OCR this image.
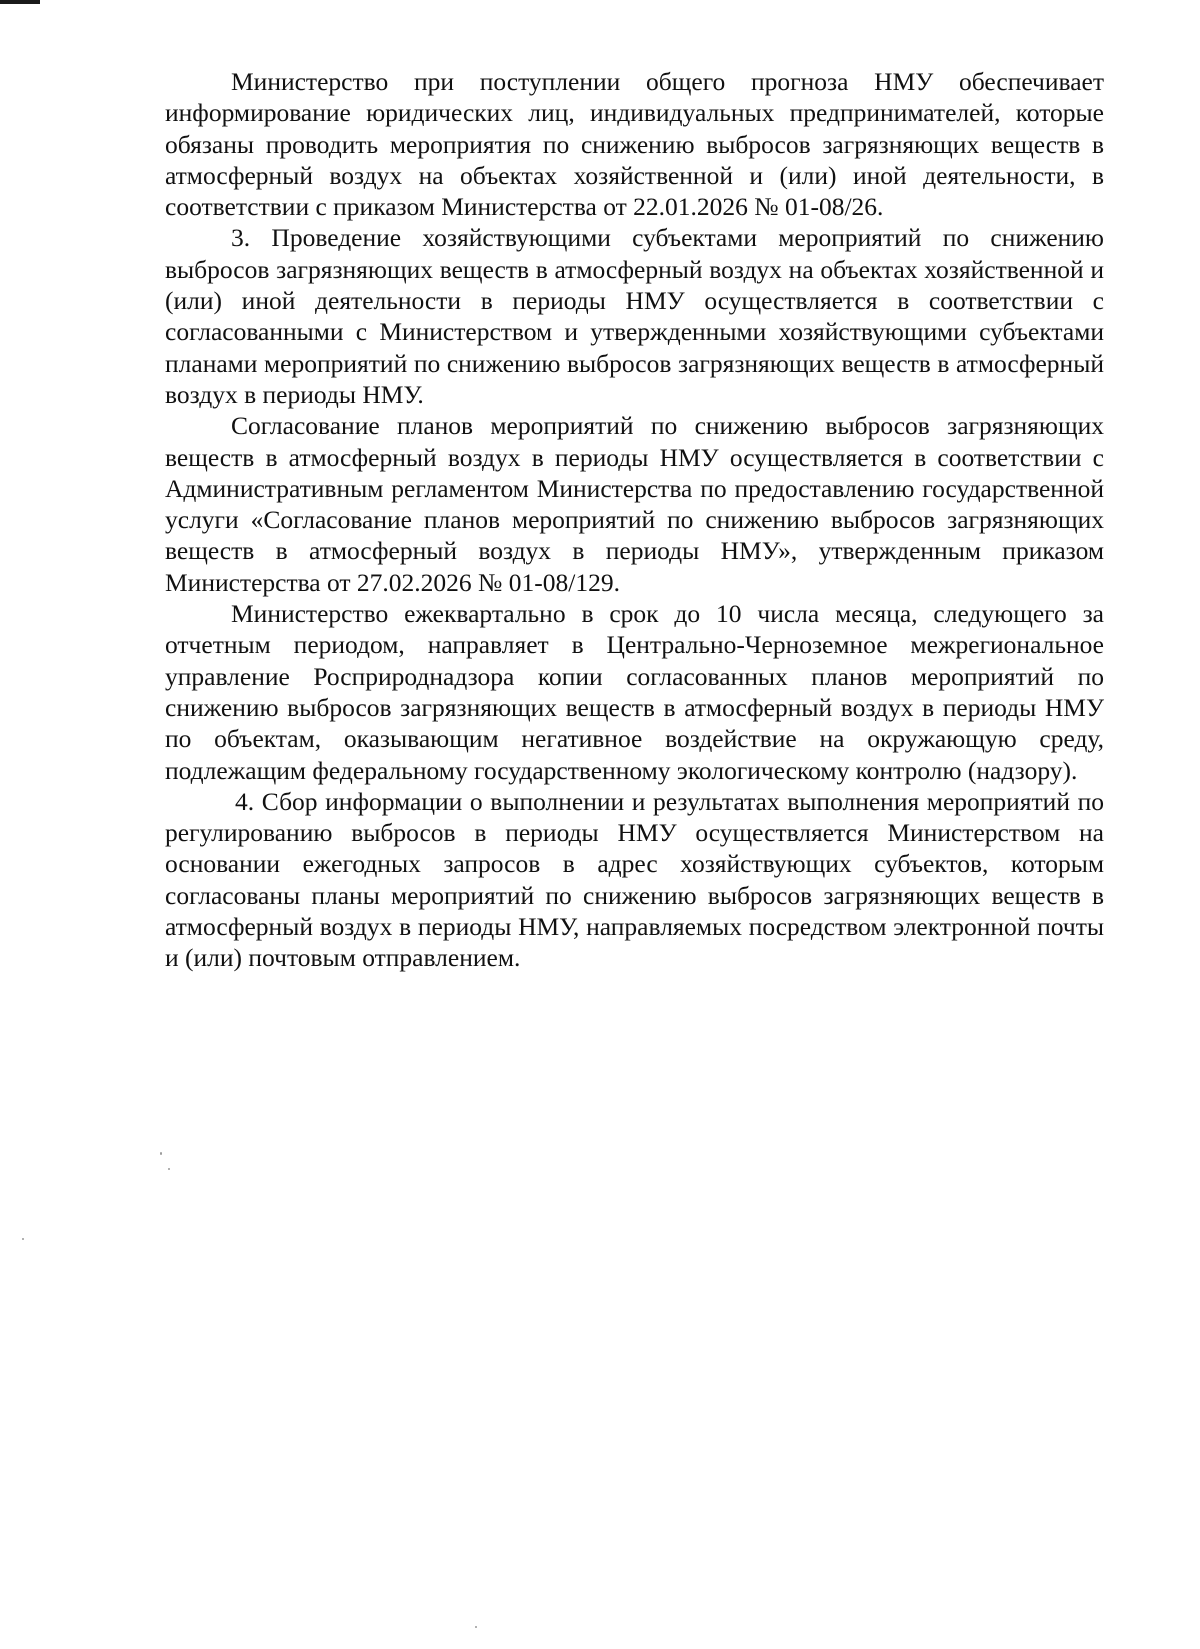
Министерство при поступлении общего прогноза НМУ обеспечивает информирование юридических лиц, индивидуальных предпринимателей, которые обязаны проводить мероприятия по снижению выбросов загрязняющих веществ в атмосферный воздух на объектах хозяйственной и (или) иной деятельности, в соответствии с приказом Министерства от 22.01.2026 № 01-08/26.

3. Проведение хозяйствующими субъектами мероприятий по снижению выбросов загрязняющих веществ в атмосферный воздух на объектах хозяйственной и (или) иной деятельности в периоды НМУ осуществляется в соответствии с согласованными с Министерством и утвержденными хозяйствующими субъектами планами мероприятий по снижению выбросов загрязняющих веществ в атмосферный воздух в периоды НМУ.

Согласование планов мероприятий по снижению выбросов загрязняющих веществ в атмосферный воздух в периоды НМУ осуществляется в соответствии с Административным регламентом Министерства по предоставлению государственной услуги «Согласование планов мероприятий по снижению выбросов загрязняющих веществ в атмосферный воздух в периоды НМУ», утвержденным приказом Министерства от 27.02.2026 № 01-08/129.

Министерство ежеквартально в срок до 10 числа месяца, следующего за отчетным периодом, направляет в Центрально-Черноземное межрегиональное управление Росприроднадзора копии согласованных планов мероприятий по снижению выбросов загрязняющих веществ в атмосферный воздух в периоды НМУ по объектам, оказывающим негативное воздействие на окружающую среду, подлежащим федеральному государственному экологическому контролю (надзору).

4. Сбор информации о выполнении и результатах выполнения мероприятий по регулированию выбросов в периоды НМУ осуществляется Министерством на основании ежегодных запросов в адрес хозяйствующих субъектов, которым согласованы планы мероприятий по снижению выбросов загрязняющих веществ в атмосферный воздух в периоды НМУ, направляемых посредством электронной почты и (или) почтовым отправлением.
